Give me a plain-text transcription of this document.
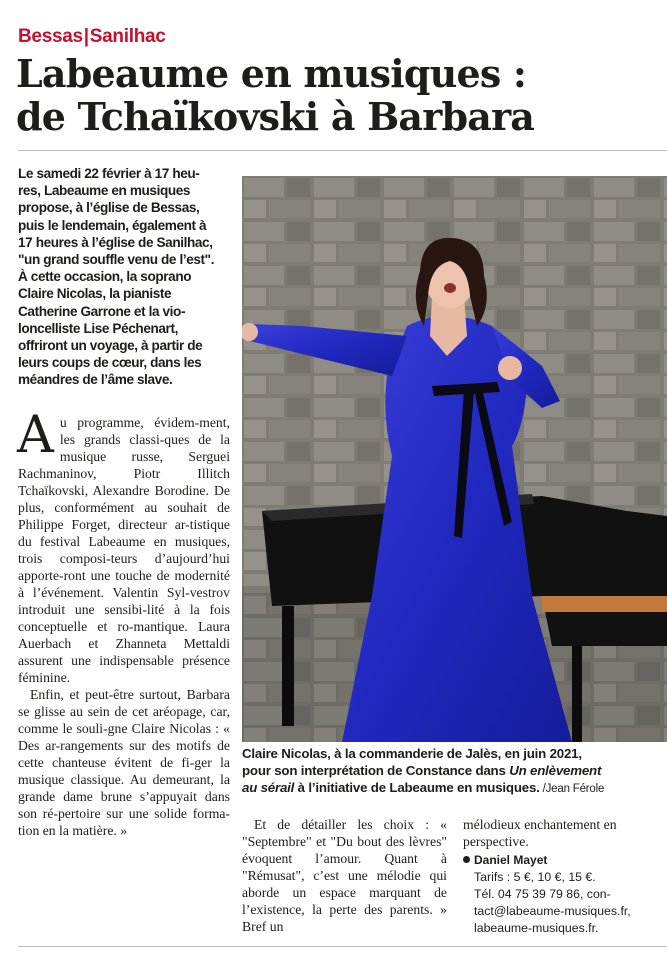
Bessas|Sanilhac
Labeaume en musiques :
de Tchaïkovski à Barbara
Le samedi 22 février à 17 heu-
res, Labeaume en musiques
propose, à l’église de Bessas,
puis le lendemain, également à
17 heures à l’église de Sanilhac,
"un grand souffle venu de l’est".
À cette occasion, la soprano
Claire Nicolas, la pianiste
Catherine Garrone et la vio-
loncelliste Lise Péchenart,
offriront un voyage, à partir de
leurs coups de cœur, dans les
méandres de l’âme slave.

Au programme, évidem-ment, les grands classi-ques de la musique russe, Serguei Rachmaninov, Piotr Illitch Tchaïkovski, Alexandre Borodine. De plus, conformément au souhait de Philippe Forget, directeur ar-tistique du festival Labeaume en musiques, trois composi-teurs d’aujourd’hui apporte-ront une touche de modernité à l’événement. Valentin Syl-vestrov introduit une sensibi-lité à la fois conceptuelle et ro-mantique. Laura Auerbach et Zhanneta Mettaldi assurent une indispensable présence féminine.

Enfin, et peut-être surtout, Barbara se glisse au sein de cet aréopage, car, comme le souli-gne Claire Nicolas : « Des ar-rangements sur des motifs de cette chanteuse évitent de fi-ger la musique classique. Au demeurant, la grande dame brune s’appuyait dans son ré-pertoire sur une solide forma-tion en la matière. »

Claire Nicolas, à la commanderie de Jalès, en juin 2021,
pour son interprétation de Constance dans Un enlèvement
au sérail à l’initiative de Labeaume en musiques. /Jean Férole

Et de détailler les choix : « "Septembre" et "Du bout des lèvres" évoquent l’amour. Quant à "Rémusat", c’est une mélodie qui aborde un espace marquant de l’existence, la perte des parents. » Bref un

mélodieux enchantement en

perspective.

Daniel Mayet
Tarifs : 5 €, 10 €, 15 €.
Tél. 04 75 39 79 86, con-
tact@labeaume-musiques.fr,
labeaume-musiques.fr.
